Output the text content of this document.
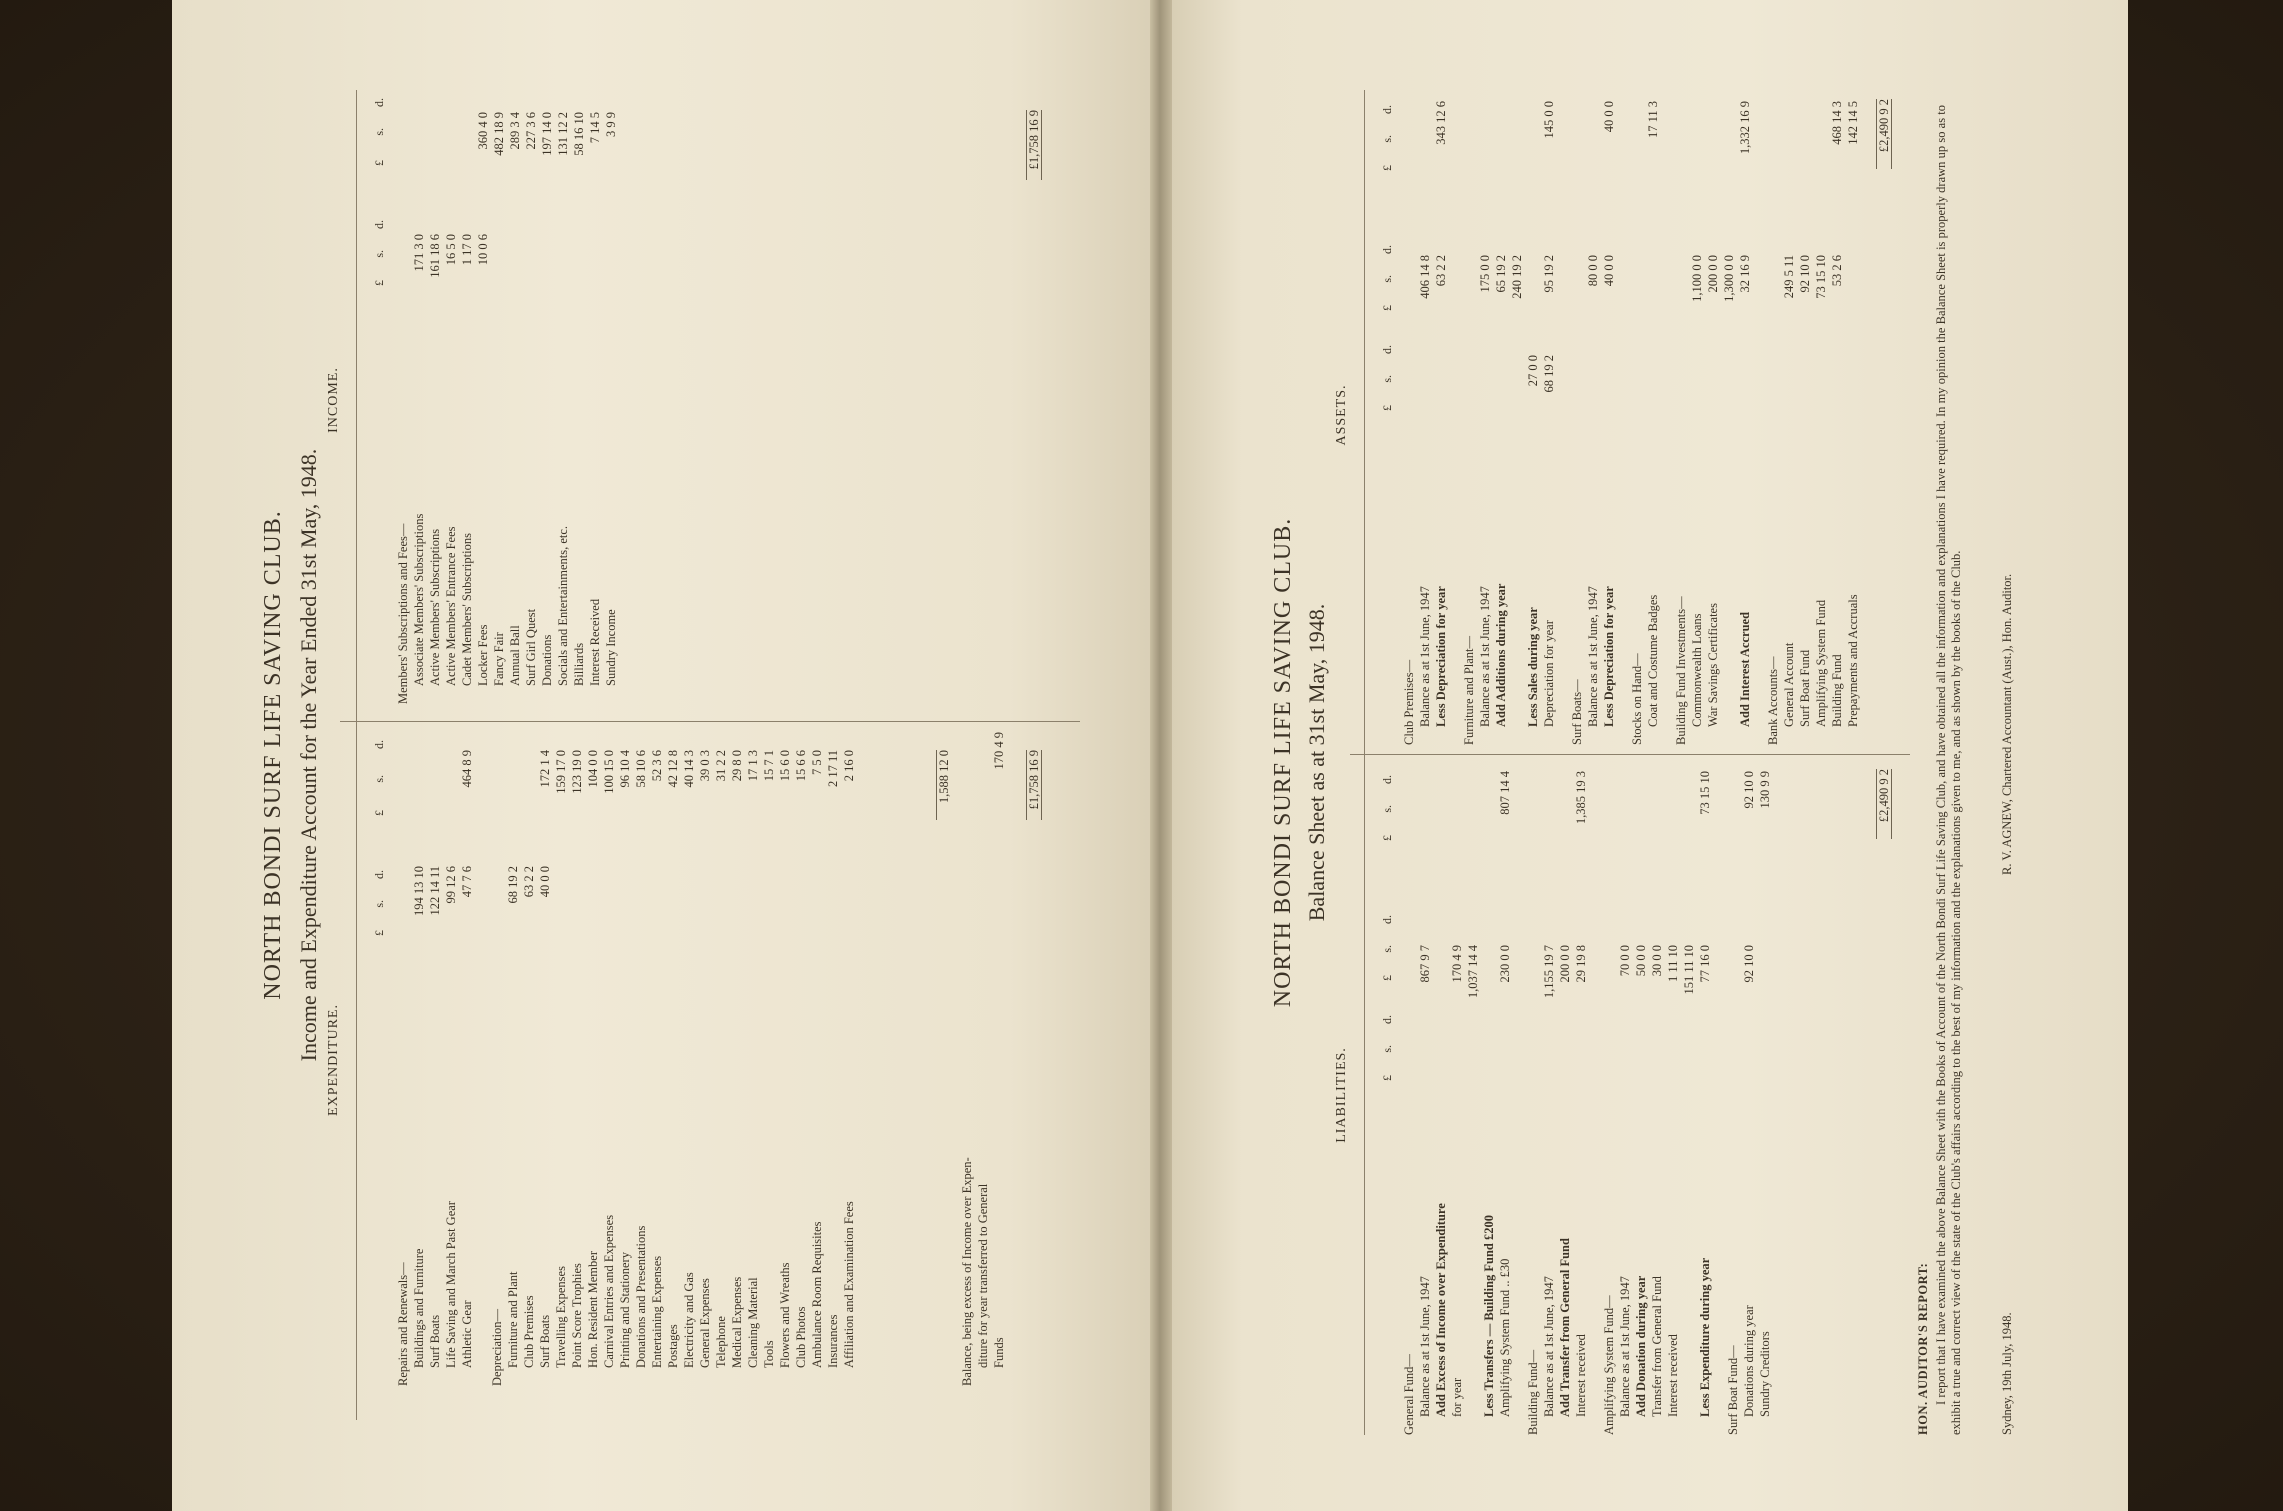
NORTH BONDI SURF LIFE SAVING CLUB. Income and Expenditure Account for the Year Ended 31st May, 1948. EXPENDITURE.
INCOME.
£
s.
d.
£
s.
d.
£
s.
d.
£
s.
d.
Repairs and Renewals— Buildings and Furniture
194 13 10
Surf Boats
122 14 11
Life Saving and March Past Gear
99 12 6
Athletic Gear
47 7 6
464 8 9
Depreciation— Furniture and Plant
68 19 2
Club Premises
63 2 2
Surf Boats
40 0 0
172 1 4
Travelling Expenses
159 17 0
Point Score Trophies
123 19 0
Hon. Resident Member
104 0 0
Carnival Entries and Expenses
100 15 0
Printing and Stationery
96 10 4
Donations and Presentations
58 10 6
Entertaining Expenses
52 3 6
Postages
42 12 8
Electricity and Gas
40 14 3
General Expenses
39 0 3
Telephone
31 2 2
Medical Expenses
29 8 0
Cleaning Material
17 1 3
Tools
15 7 1
Flowers and Wreaths
15 6 0
Club Photos
15 6 6
Ambulance Room Requisites
7 5 0
Insurances
2 17 11
Affiliation and Examination Fees
2 16 0
Members' Subscriptions and Fees— Associate Members' Subscriptions
171 3 0
Active Members' Subscriptions
161 18 6
Active Members' Entrance Fees
16 5 0
Cadet Members' Subscriptions
1 17 0
Locker Fees
10 0 6
360 4 0
Fancy Fair
482 18 9
Annual Ball
289 3 4
Surf Girl Quest
227 3 6
Donations
197 14 0
Socials and Entertainments, etc.
131 12 2
Billiards
58 16 10
Interest Received
7 14 5
Sundry Income
3 9 9
1,588 12 0
Balance, being excess of Income over Expen- diture for year transferred to General Funds
170 4 9 £1,758 16 9
£1,758 16 9
NORTH BONDI SURF LIFE SAVING CLUB. Balance Sheet as at 31st May, 1948.
LIABILITIES.
ASSETS.
£
s.
d.
£
s.
d.
£
s.
d.
£
s.
d.
£
s.
d.
£
s.
d.
General Fund— Balance as at 1st June, 1947
867 9 7
Add Excess of Income over Expenditure for year
170 4 9 1,037 14 4
Less Transfers — Building Fund £200 Amplifying System Fund .. £30
230 0 0
807 14 4
Building Fund— Balance as at 1st June, 1947
1,155 19 7
Add Transfer from General Fund
200 0 0
Interest received
29 19 8
1,385 19 3
Amplifying System Fund— Balance as at 1st June, 1947
70 0 0
Add Donation during year
50 0 0
Transfer from General Fund
30 0 0
Interest received
1 11 10 151 11 10
Less Expenditure during year
77 16 0
73 15 10
Surf Boat Fund— Donations during year
92 10 0
92 10 0
Sundry Creditors
130 9 9
Club Premises— Balance as at 1st June, 1947
406 14 8
Less Depreciation for year
63 2 2
343 12 6
Furniture and Plant— Balance as at 1st June, 1947
175 0 0
Add Additions during year
65 19 2 240 19 2
Less Sales during year
27 0 0
Depreciation for year
68 19 2
95 19 2
145 0 0
Surf Boats— Balance as at 1st June, 1947
80 0 0
Less Depreciation for year
40 0 0
40 0 0
Stocks on Hand— Coat and Costume Badges
17 11 3
Building Fund Investments— Commonwealth Loans
1,100 0 0
War Savings Certificates
200 0 0 1,300 0 0
Add Interest Accrued
32 16 9
1,332 16 9
Bank Accounts— General Account
249 5 11
Surf Boat Fund
92 10 0
Amplifying System Fund
73 15 10
Building Fund
53 2 6
468 14 3
Prepayments and Accruals
142 14 5
£2,490 9 2
£2,490 9 2
HON. AUDITOR'S REPORT: I report that I have examined the above Balance Sheet with the Books of Account of the North Bondi Surf Life Saving Club, and have obtained all the information and explanations I have required. In my opinion the Balance Sheet is properly drawn up so as to exhibit a true and correct view of the state of the Club's affairs according to the best of my information and the explanations given to me, and as shown by the books of the Club.	Sydney, 19th July, 1948.
R. V. AGNEW, Chartered Accountant (Aust.), Hon. Auditor.
